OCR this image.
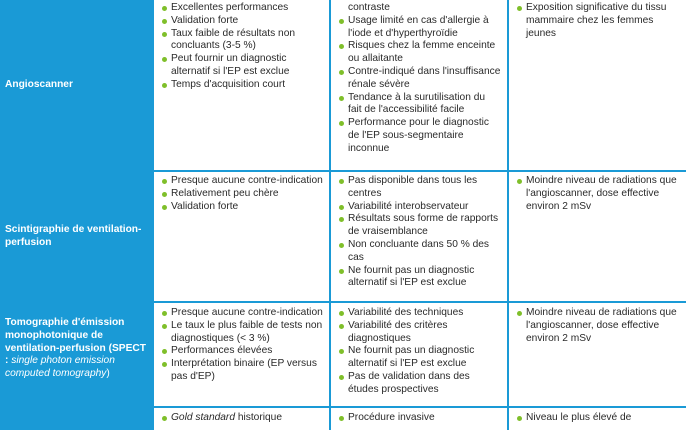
Angioscanner
Excellentes performances
Validation forte
Taux faible de résultats non concluants (3-5 %)
Peut fournir un diagnostic alternatif si l'EP est exclue
Temps d'acquisition court
contraste
Usage limité en cas d'allergie à l'iode et d'hyperthyroïdie
Risques chez la femme enceinte ou allaitante
Contre-indiqué dans l'insuffisance rénale sévère
Tendance à la surutilisation du fait de l'accessibilité facile
Performance pour le diagnostic de l'EP sous-segmentaire inconnue
Exposition significative du tissu mammaire chez les femmes jeunes
Scintigraphie de ventilation-perfusion
Presque aucune contre-indication
Relativement peu chère
Validation forte
Pas disponible dans tous les centres
Variabilité interobservateur
Résultats sous forme de rapports de vraisemblance
Non concluante dans 50 % des cas
Ne fournit pas un diagnostic alternatif si l'EP est exclue
Moindre niveau de radiations que l'angioscanner, dose effective environ 2 mSv
Tomographie d'émission monophotonique de ventilation-perfusion (SPECT : single photon emission computed tomography)
Presque aucune contre-indication
Le taux le plus faible de tests non diagnostiques (< 3 %)
Performances élevées
Interprétation binaire (EP versus pas d'EP)
Variabilité des techniques
Variabilité des critères diagnostiques
Ne fournit pas un diagnostic alternatif si l'EP est exclue
Pas de validation dans des études prospectives
Moindre niveau de radiations que l'angioscanner, dose effective environ 2 mSv
Gold standard historique	Procédure invasive	Niveau le plus élevé de
